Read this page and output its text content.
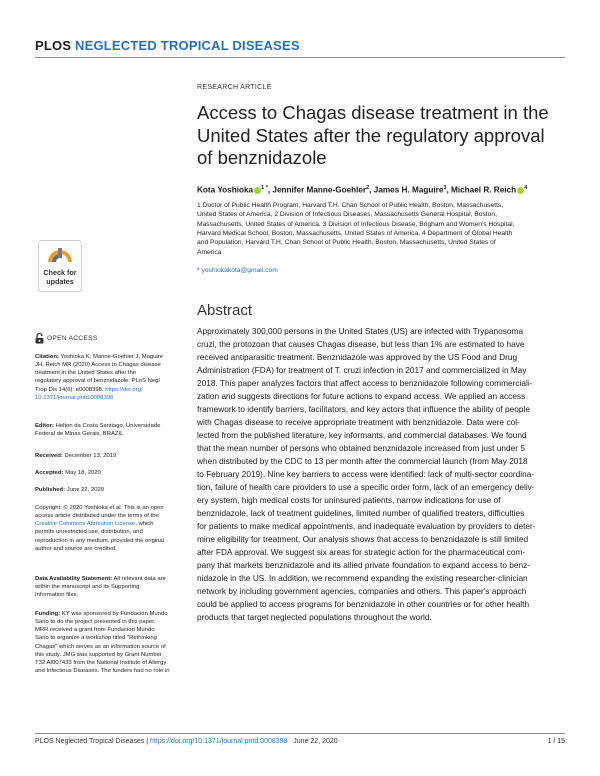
PLOS NEGLECTED TROPICAL DISEASES
RESEARCH ARTICLE
Access to Chagas disease treatment in the
United States after the regulatory approval
of benznidazole
Kota Yoshioka $^{1 *}$, Jennifer Manne-Goehler$^2$, James H. Maguire$^3$, Michael R. Reich $^4$
1 Doctor of Public Health Program, Harvard T.H. Chan School of Public Health, Boston, Massachusetts,
United States of America, 2 Division of Infectious Diseases, Massachusetts General Hospital, Boston,
Massachusetts, United States of America, 3 Division of Infectious Disease, Brigham and Women's Hospital,
Harvard Medical School, Boston, Massachusetts, United States of America, 4 Department of Global Health
and Population, Harvard T.H. Chan School of Public Health, Boston, Massachusetts, United States of
America
* yoshiokakota@gmail.com
Abstract

Approximately 300,000 persons in the United States (US) are infected with Trypanosoma

cruzi, the protozoan that causes Chagas disease, but less than 1% are estimated to have

received antiparasitic treatment. Benznidazole was approved by the US Food and Drug

Administration (FDA) for treatment of T. cruzi infection in 2017 and commercialized in May

2018. This paper analyzes factors that affect access to benznidazole following commerciali-

zation and suggests directions for future actions to expand access. We applied an access

framework to identify barriers, facilitators, and key actors that influence the ability of people

with Chagas disease to receive appropriate treatment with benznidazole. Data were col-

lected from the published literature, key informants, and commercial databases. We found

that the mean number of persons who obtained benznidazole increased from just under 5

when distributed by the CDC to 13 per month after the commercial launch (from May 2018

to February 2019). Nine key barriers to access were identified: lack of multi-sector coordina-

tion, failure of health care providers to use a specific order form, lack of an emergency deliv-

ery system, high medical costs for uninsured patients, narrow indications for use of

benznidazole, lack of treatment guidelines, limited number of qualified treaters, difficulties

for patients to make medical appointments, and inadequate evaluation by providers to deter-

mine eligibility for treatment. Our analysis shows that access to benznidazole is still limited

after FDA approval. We suggest six areas for strategic action for the pharmaceutical com-

pany that markets benznidazole and its allied private foundation to expand access to benz-

nidazole in the US. In addition, we recommend expanding the existing researcher-clinician

network by including government agencies, companies and others. This paper's approach

could be applied to access programs for benznidazole in other countries or for other health

products that target neglected populations throughout the world.

Check for
updates
OPEN ACCESS

Citation: Yoshioka K, Manne-Goehler J, Maguire

JH, Reich MR (2020) Access to Chagas disease

treatment in the United States after the

regulatory approval of benznidazole. PLoS Negl

Trop Dis 14(6): e0008398. https://doi.org/

10.1371/journal.pntd.0008398

Editor: Helton da Costa Santiago, Universidade

Federal de Minas Gerais, BRAZIL

Received: December 13, 2019

Accepted: May 18, 2020

Published: June 22, 2020

Copyright: © 2020 Yoshioka et al. This is an open

access article distributed under the terms of the

Creative Commons Attribution License, which

permits unrestricted use, distribution, and

reproduction in any medium, provided the original

author and source are credited.

Data Availability Statement: All relevant data are

within the manuscript and its Supporting

Information files.

Funding: KY was sponsored by Fundación Mundo

Sano to do the project presented in this paper.

MRR received a grant from Fundación Mundo

Sano to organize a workshop titled "Rethinking

Chagas" which serves as an information source of

this study. JMG was supported by Grant Number

T32 AI007433 from the National Institute of Allergy

and Infectious Diseases. The funders had no role in

PLOS Neglected Tropical Diseases | https://doi.org/10.1371/journal.pntd.0008398 June 22, 2020	1 / 15
